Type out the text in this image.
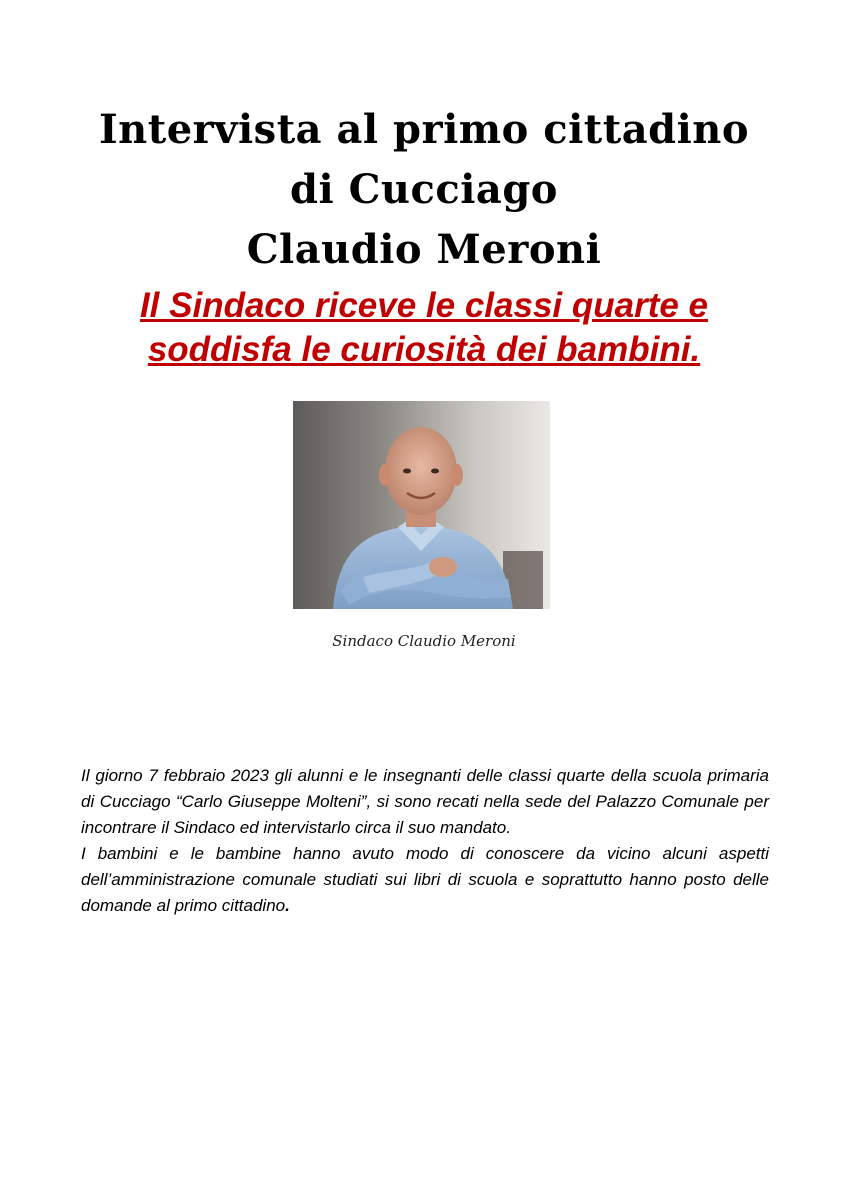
Intervista al primo cittadino

di Cucciago

Claudio Meroni

Il Sindaco riceve le classi quarte e
soddisfa le curiosità dei bambini.
Sindaco Claudio Meroni

Il giorno 7 febbraio 2023 gli alunni e le insegnanti delle classi quarte della scuola primaria di Cucciago “Carlo Giuseppe Molteni”, si sono recati nella sede del Palazzo Comunale per incontrare il Sindaco ed intervistarlo circa il suo mandato.

I bambini e le bambine hanno avuto modo di conoscere da vicino alcuni aspetti dell’amministrazione comunale studiati sui libri di scuola e soprattutto hanno posto delle domande al primo cittadino.
